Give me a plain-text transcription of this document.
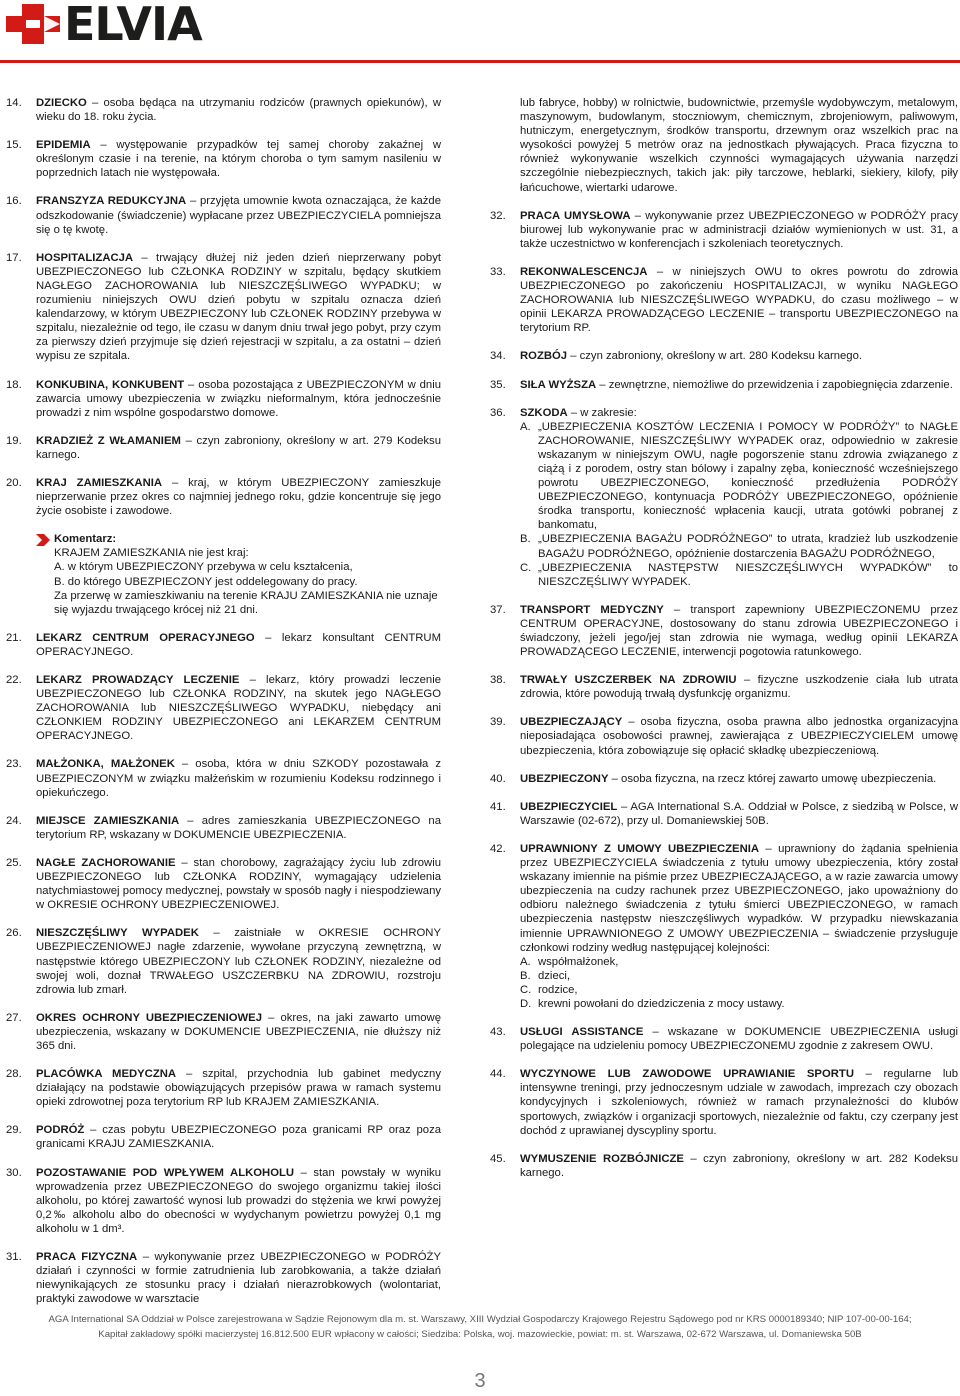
ELVIA
14.	DZIECKO – osoba będąca na utrzymaniu rodziców (prawnych opiekunów), w wieku do 18. roku życia.
15.	EPIDEMIA – występowanie przypadków tej samej choroby zakaźnej w określonym czasie i na terenie, na którym choroba o tym samym nasileniu w poprzednich latach nie występowała.
16.	FRANSZYZA REDUKCYJNA – przyjęta umownie kwota oznaczająca, że każde odszkodowanie (świadczenie) wypłacane przez UBEZPIECZYCIELA pomniejsza się o tę kwotę.
17.	HOSPITALIZACJA – trwający dłużej niż jeden dzień nieprzerwany pobyt UBEZPIECZONEGO lub CZŁONKA RODZINY w szpitalu, będący skutkiem NAGŁEGO ZACHOROWANIA lub NIESZCZĘŚLIWEGO WYPADKU; w rozumieniu niniejszych OWU dzień pobytu w szpitalu oznacza dzień kalendarzowy, w którym UBEZPIECZONY lub CZŁONEK RODZINY przebywa w szpitalu, niezależnie od tego, ile czasu w danym dniu trwał jego pobyt, przy czym za pierwszy dzień przyjmuje się dzień rejestracji w szpitalu, a za ostatni – dzień wypisu ze szpitala.
18.	KONKUBINA, KONKUBENT – osoba pozostająca z UBEZPIECZONYM w dniu zawarcia umowy ubezpieczenia w związku nieformalnym, która jednocześnie prowadzi z nim wspólne gospodarstwo domowe.
19.	KRADZIEŻ Z WŁAMANIEM – czyn zabroniony, określony w art. 279 Kodeksu karnego.
20.	KRAJ ZAMIESZKANIA – kraj, w którym UBEZPIECZONY zamieszkuje nieprzerwanie przez okres co najmniej jednego roku, gdzie koncentruje się jego życie osobiste i zawodowe.
Komentarz:
KRAJEM ZAMIESZKANIA nie jest kraj:
A. w którym UBEZPIECZONY przebywa w celu kształcenia,
B. do którego UBEZPIECZONY jest oddelegowany do pracy.
Za przerwę w zamieszkiwaniu na terenie KRAJU ZAMIESZKANIA nie uznaje się wyjazdu trwającego krócej niż 21 dni.
21.	LEKARZ CENTRUM OPERACYJNEGO – lekarz konsultant CENTRUM OPERACYJNEGO.
22.	LEKARZ PROWADZĄCY LECZENIE – lekarz, który prowadzi leczenie UBEZPIECZONEGO lub CZŁONKA RODZINY, na skutek jego NAGŁEGO ZACHOROWANIA lub NIESZCZĘŚLIWEGO WYPADKU, niebędący ani CZŁONKIEM RODZINY UBEZPIECZONEGO ani LEKARZEM CENTRUM OPERACYJNEGO.
23.	MAŁŻONKA, MAŁŻONEK – osoba, która w dniu SZKODY pozostawała z UBEZPIECZONYM w związku małżeńskim w rozumieniu Kodeksu rodzinnego i opiekuńczego.
24.	MIEJSCE ZAMIESZKANIA – adres zamieszkania UBEZPIECZONEGO na terytorium RP, wskazany w DOKUMENCIE UBEZPIECZENIA.
25.	NAGŁE ZACHOROWANIE – stan chorobowy, zagrażający życiu lub zdrowiu UBEZPIECZONEGO lub CZŁONKA RODZINY, wymagający udzielenia natychmiastowej pomocy medycznej, powstały w sposób nagły i niespodziewany w OKRESIE OCHRONY UBEZPIECZENIOWEJ.
26.	NIESZCZĘŚLIWY WYPADEK – zaistniałe w OKRESIE OCHRONY UBEZPIECZENIOWEJ nagłe zdarzenie, wywołane przyczyną zewnętrzną, w następstwie którego UBEZPIECZONY lub CZŁONEK RODZINY, niezależne od swojej woli, doznał TRWAŁEGO USZCZERBKU NA ZDROWIU, rozstroju zdrowia lub zmarł.
27.	OKRES OCHRONY UBEZPIECZENIOWEJ – okres, na jaki zawarto umowę ubezpieczenia, wskazany w DOKUMENCIE UBEZPIECZENIA, nie dłuższy niż 365 dni.
28.	PLACÓWKA MEDYCZNA – szpital, przychodnia lub gabinet medyczny działający na podstawie obowiązujących przepisów prawa w ramach systemu opieki zdrowotnej poza terytorium RP lub KRAJEM ZAMIESZKANIA.
29.	PODRÓŻ – czas pobytu UBEZPIECZONEGO poza granicami RP oraz poza granicami KRAJU ZAMIESZKANIA.
30.	POZOSTAWANIE POD WPŁYWEM ALKOHOLU – stan powstały w wyniku wprowadzenia przez UBEZPIECZONEGO do swojego organizmu takiej ilości alkoholu, po której zawartość wynosi lub prowadzi do stężenia we krwi powyżej 0,2‰ alkoholu albo do obecności w wydychanym powietrzu powyżej 0,1 mg alkoholu w 1 dm³.
31.	PRACA FIZYCZNA – wykonywanie przez UBEZPIECZONEGO w PODRÓŻY działań i czynności w formie zatrudnienia lub zarobkowania, a także działań niewynikających ze stosunku pracy i działań nierazrobkowych (wolontariat, praktyki zawodowe w warsztacie
lub fabryce, hobby) w rolnictwie, budownictwie, przemyśle wydobywczym, metalowym, maszynowym, budowlanym, stoczniowym, chemicznym, zbrojeniowym, paliwowym, hutniczym, energetycznym, środków transportu, drzewnym oraz wszelkich prac na wysokości powyżej 5 metrów oraz na jednostkach pływających. Praca fizyczna to również wykonywanie wszelkich czynności wymagających używania narzędzi szczególnie niebezpiecznych, takich jak: piły tarczowe, heblarki, siekiery, kilofy, piły łańcuchowe, wiertarki udarowe.
32.	PRACA UMYSŁOWA – wykonywanie przez UBEZPIECZONEGO w PODRÓŻY pracy biurowej lub wykonywanie prac w administracji działów wymienionych w ust. 31, a także uczestnictwo w konferencjach i szkoleniach teoretycznych.
33.	REKONWALESCENCJA – w niniejszych OWU to okres powrotu do zdrowia UBEZPIECZONEGO po zakończeniu HOSPITALIZACJI, w wyniku NAGŁEGO ZACHOROWANIA lub NIESZCZĘŚLIWEGO WYPADKU, do czasu możliwego – w opinii LEKARZA PROWADZĄCEGO LECZENIE – transportu UBEZPIECZONEGO na terytorium RP.
34.	ROZBÓJ – czyn zabroniony, określony w art. 280 Kodeksu karnego.
35.	SIŁA WYŻSZA – zewnętrzne, niemożliwe do przewidzenia i zapobiegnięcia zdarzenie.
36.	SZKODA – w zakresie:
A. „UBEZPIECZENIA KOSZTÓW LECZENIA I POMOCY W PODRÓŻY” to NAGŁE ZACHOROWANIE, NIESZCZĘŚLIWY WYPADEK oraz, odpowiednio w zakresie wskazanym w niniejszym OWU, nagłe pogorszenie stanu zdrowia związanego z ciążą i z porodem, ostry stan bólowy i zapalny zęba, konieczność wcześniejszego powrotu UBEZPIECZONEGO, konieczność przedłużenia PODRÓŻY UBEZPIECZONEGO, kontynuacja PODRÓŻY UBEZPIECZONEGO, opóźnienie środka transportu, konieczność wpłacenia kaucji, utrata gotówki pobranej z bankomatu,
B. „UBEZPIECZENIA BAGAŻU PODRÓŻNEGO” to utrata, kradzież lub uszkodzenie BAGAŻU PODRÓŻNEGO, opóźnienie dostarczenia BAGAŻU PODRÓŻNEGO,
C. „UBEZPIECZENIA NASTĘPSTW NIESZCZĘŚLIWYCH WYPADKÓW” to NIESZCZĘŚLIWY WYPADEK.
37.	TRANSPORT MEDYCZNY – transport zapewniony UBEZPIECZONEMU przez CENTRUM OPERACYJNE, dostosowany do stanu zdrowia UBEZPIECZONEGO i świadczony, jeżeli jego/jej stan zdrowia nie wymaga, według opinii LEKARZA PROWADZĄCEGO LECZENIE, interwencji pogotowia ratunkowego.
38.	TRWAŁY USZCZERBEK NA ZDROWIU – fizyczne uszkodzenie ciała lub utrata zdrowia, które powodują trwałą dysfunkcję organizmu.
39.	UBEZPIECZAJĄCY – osoba fizyczna, osoba prawna albo jednostka organizacyjna nieposiadająca osobowości prawnej, zawierająca z UBEZPIECZYCIELEM umowę ubezpieczenia, która zobowiązuje się opłacić składkę ubezpieczeniową.
40.	UBEZPIECZONY – osoba fizyczna, na rzecz której zawarto umowę ubezpieczenia.
41.	UBEZPIECZYCIEL – AGA International S.A. Oddział w Polsce, z siedzibą w Polsce, w Warszawie (02-672), przy ul. Domaniewskiej 50B.
42.	UPRAWNIONY Z UMOWY UBEZPIECZENIA – uprawniony do żądania spełnienia przez UBEZPIECZYCIELA świadczenia z tytułu umowy ubezpieczenia, który został wskazany imiennie na piśmie przez UBEZPIECZAJĄCEGO, a w razie zawarcia umowy ubezpieczenia na cudzy rachunek przez UBEZPIECZONEGO, jako upoważniony do odbioru należnego świadczenia z tytułu śmierci UBEZPIECZONEGO, w ramach ubezpieczenia następstw nieszczęśliwych wypadków. W przypadku niewskazania imiennie UPRAWNIONEGO Z UMOWY UBEZPIECZENIA – świadczenie przysługuje członkowi rodziny według następującej kolejności:
A. współmałżonek,
B. dzieci,
C. rodzice,
D. krewni powołani do dziedziczenia z mocy ustawy.
43.	USŁUGI ASSISTANCE – wskazane w DOKUMENCIE UBEZPIECZENIA usługi polegające na udzieleniu pomocy UBEZPIECZONEMU zgodnie z zakresem OWU.
44.	WYCZYNOWE LUB ZAWODOWE UPRAWIANIE SPORTU – regularne lub intensywne treningi, przy jednoczesnym udziale w zawodach, imprezach czy obozach kondycyjnych i szkoleniowych, również w ramach przynależności do klubów sportowych, związków i organizacji sportowych, niezależnie od faktu, czy czerpany jest dochód z uprawianej dyscypliny sportu.
45.	WYMUSZENIE ROZBÓJNICZE – czyn zabroniony, określony w art. 282 Kodeksu karnego.
AGA International SA Oddział w Polsce zarejestrowana w Sądzie Rejonowym dla m. st. Warszawy, XIII Wydział Gospodarczy Krajowego Rejestru Sądowego pod nr KRS 0000189340; NIP 107-00-00-164;
Kapitał zakładowy spółki macierzystej 16.812.500 EUR wpłacony w całości; Siedziba: Polska, woj. mazowieckie, powiat: m. st. Warszawa, 02-672 Warszawa, ul. Domaniewska 50B
3
